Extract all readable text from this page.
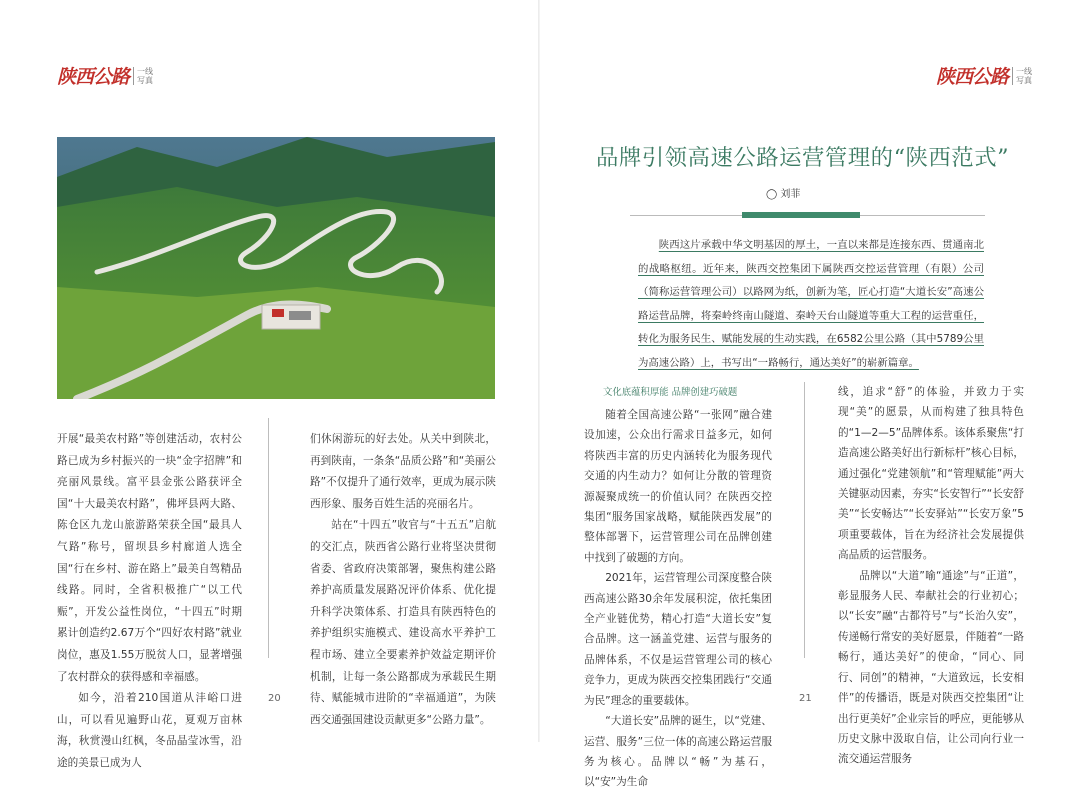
陕西公路	一线
写真

开展“最美农村路”等创建活动，农村公路已成为乡村振兴的一块“金字招牌”和亮丽风景线。富平县金张公路获评全国“十大最美农村路”，佛坪县两大路、陈仓区九龙山旅游路荣获全国“最具人气路”称号，留坝县乡村廊道人选全国“行在乡村、游在路上”最美自驾精品线路。同时，全省积极推广“以工代赈”，开发公益性岗位，“十四五”时期累计创造约2.67万个“四好农村路”就业岗位，惠及1.55万脱贫人口，显著增强了农村群众的获得感和幸福感。

如今，沿着210国道从沣峪口进山，可以看见遍野山花，夏观万亩林海，秋赏漫山红枫，冬品晶莹冰雪，沿途的美景已成为人

们休闲游玩的好去处。从关中到陕北，再到陕南，一条条“品质公路”和“美丽公路”不仅提升了通行效率，更成为展示陕西形象、服务百姓生活的亮丽名片。

站在“十四五”收官与“十五五”启航的交汇点，陕西省公路行业将坚决贯彻省委、省政府决策部署，聚焦构建公路养护高质量发展路况评价体系、优化提升科学决策体系、打造具有陕西特色的养护组织实施模式、建设高水平养护工程市场、建立全要素养护效益定期评价机制，让每一条公路都成为承载民生期待、赋能城市进阶的“幸福通道”，为陕西交通强国建设贡献更多“公路力量”。

20
陕西公路	一线
写真
品牌引领高速公路运营管理的“陕西范式”
◯ 刘菲

陕西这片承载中华文明基因的厚土，一直以来都是连接东西、贯通南北的战略枢纽。近年来，陕西交控集团下属陕西交控运营管理（有限）公司（简称运营管理公司）以路网为纸，创新为笔，匠心打造“大道长安”高速公路运营品牌，将秦岭终南山隧道、秦岭天台山隧道等重大工程的运营重任，转化为服务民生、赋能发展的生动实践，在6582公里公路（其中5789公里为高速公路）上，书写出“一路畅行，通达美好”的崭新篇章。

文化底蕴积厚能 品牌创建巧破题

随着全国高速公路“一张网”融合建设加速，公众出行需求日益多元，如何将陕西丰富的历史内涵转化为服务现代交通的内生动力？如何让分散的管理资源凝聚成统一的价值认同？在陕西交控集团“服务国家战略，赋能陕西发展”的整体部署下，运营管理公司在品牌创建中找到了破题的方向。

2021年，运营管理公司深度整合陕西高速公路30余年发展积淀，依托集团全产业链优势，精心打造“大道长安”复合品牌。这一涵盖党建、运营与服务的品牌体系，不仅是运营管理公司的核心竞争力，更成为陕西交控集团践行“交通为民”理念的重要载体。

“大道长安”品牌的诞生，以“党建、运营、服务”三位一体的高速公路运营服务为核心。品牌以“畅”为基石，以“安”为生命

线，追求“舒”的体验，并致力于实现“美”的愿景，从而构建了独具特色的“1—2—5”品牌体系。该体系聚焦“打造高速公路美好出行新标杆”核心目标，通过强化“党建领航”和“管理赋能”两大关键驱动因素，夯实“长安智行”“长安舒美”“长安畅达”“长安驿站”“长安万象”5项重要载体，旨在为经济社会发展提供高品质的运营服务。

品牌以“大道”喻“通途”与“正道”，彰显服务人民、奉献社会的行业初心；以“长安”融“古都符号”与“长治久安”，传递畅行常安的美好愿景，伴随着“一路畅行，通达美好”的使命，“同心、同行、同创”的精神，“大道致远，长安相伴”的传播语，既是对陕西交控集团“让出行更美好”企业宗旨的呼应，更能够从历史文脉中汲取自信，让公司向行业一流交通运营服务

21
